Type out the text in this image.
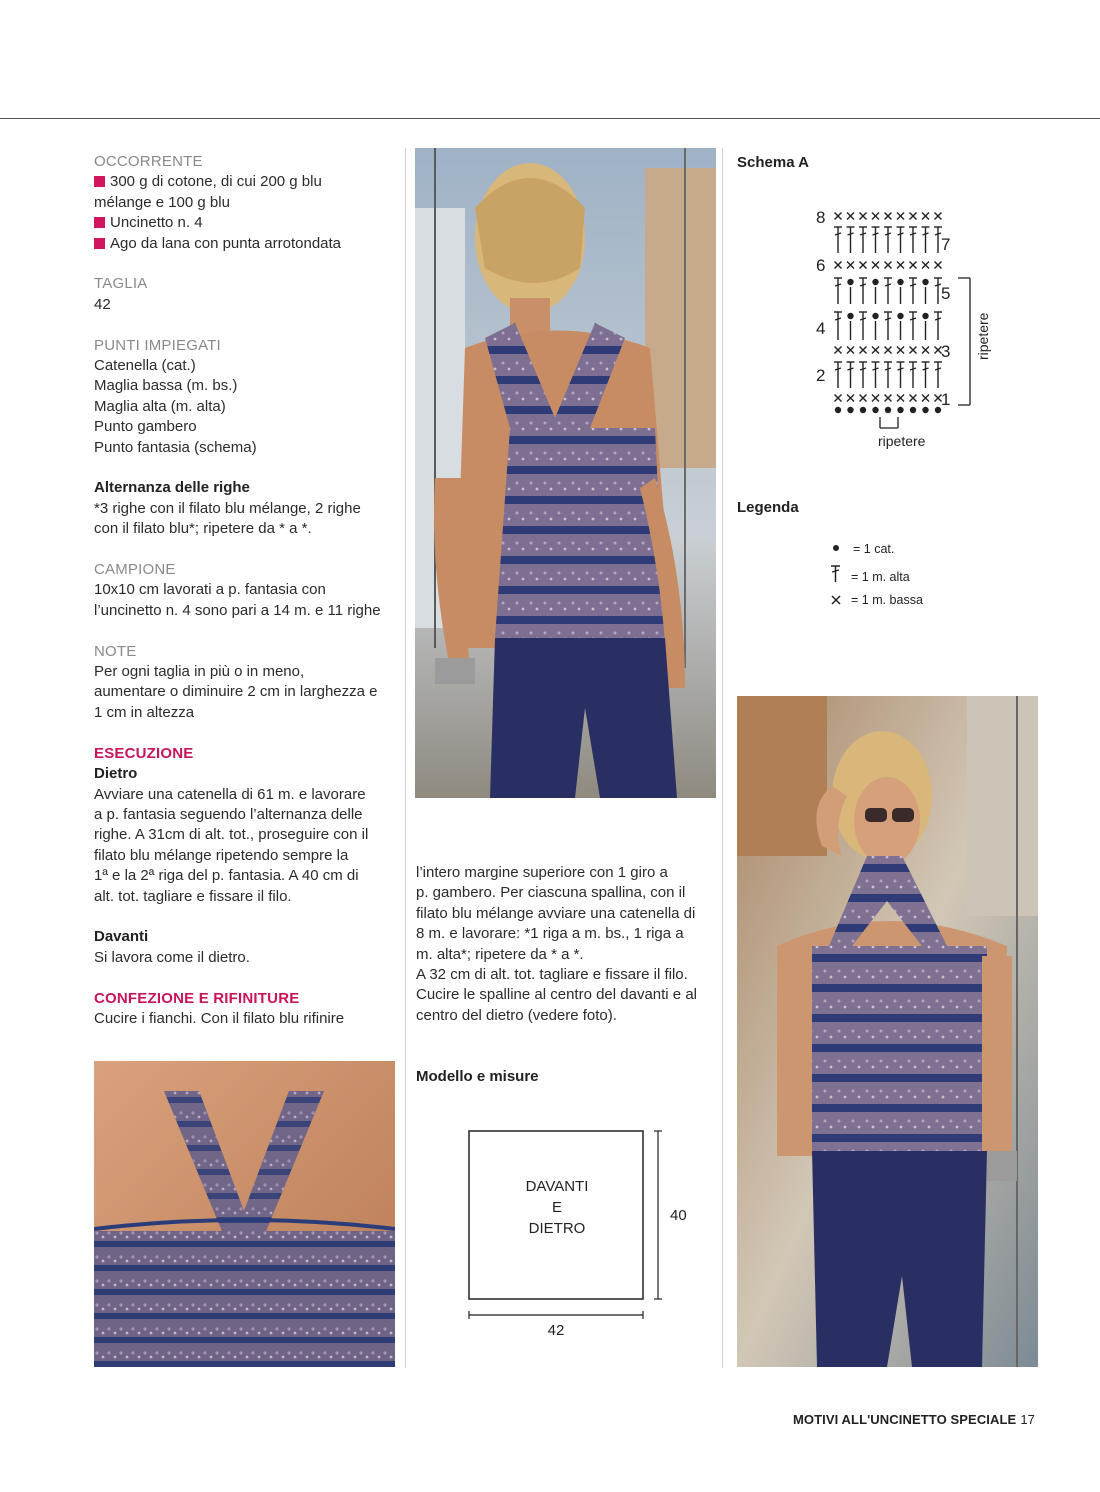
OCCORRENTE

300 g di cotone, di cui 200 g blu

mélange e 100 g blu

Uncinetto n. 4

Ago da lana con punta arrotondata

TAGLIA

42

PUNTI IMPIEGATI

Catenella (cat.)

Maglia bassa (m. bs.)

Maglia alta (m. alta)

Punto gambero

Punto fantasia (schema)

Alternanza delle righe

*3 righe con il filato blu mélange, 2 righe

con il filato blu*; ripetere da * a *.

CAMPIONE

10x10 cm lavorati a p. fantasia con

l’uncinetto n. 4 sono pari a 14 m. e 11 righe

NOTE

Per ogni taglia in più o in meno,

aumentare o diminuire 2 cm in larghezza e

1 cm in altezza

ESECUZIONE

Dietro

Avviare una catenella di 61 m. e lavorare

a p. fantasia seguendo l’alternanza delle

righe. A 31cm di alt. tot., proseguire con il

filato blu mélange ripetendo sempre la

1ª e la 2ª riga del p. fantasia. A 40 cm di

alt. tot. tagliare e fissare il filo.

Davanti

Si lavora come il dietro.

CONFEZIONE E RIFINITURE

Cucire i fianchi. Con il filato blu rifinire

l’intero margine superiore con 1 giro a

p. gambero. Per ciascuna spallina, con il

filato blu mélange avviare una catenella di

8 m. e lavorare: *1 riga a m. bs., 1 riga a

m. alta*; ripetere da * a *.

A 32 cm di alt. tot. tagliare e fissare il filo.

Cucire le spalline al centro del davanti e al

centro del dietro (vedere foto).

Modello e misure

DAVANTI
E
DIETRO
40
42

Schema A

ripetere
ripetere
8
7
6
5
4
3
2
1

Legenda

= 1 cat.
= 1 m. alta
= 1 m. bassa
MOTIVI ALL'UNCINETTO SPECIALE 17
